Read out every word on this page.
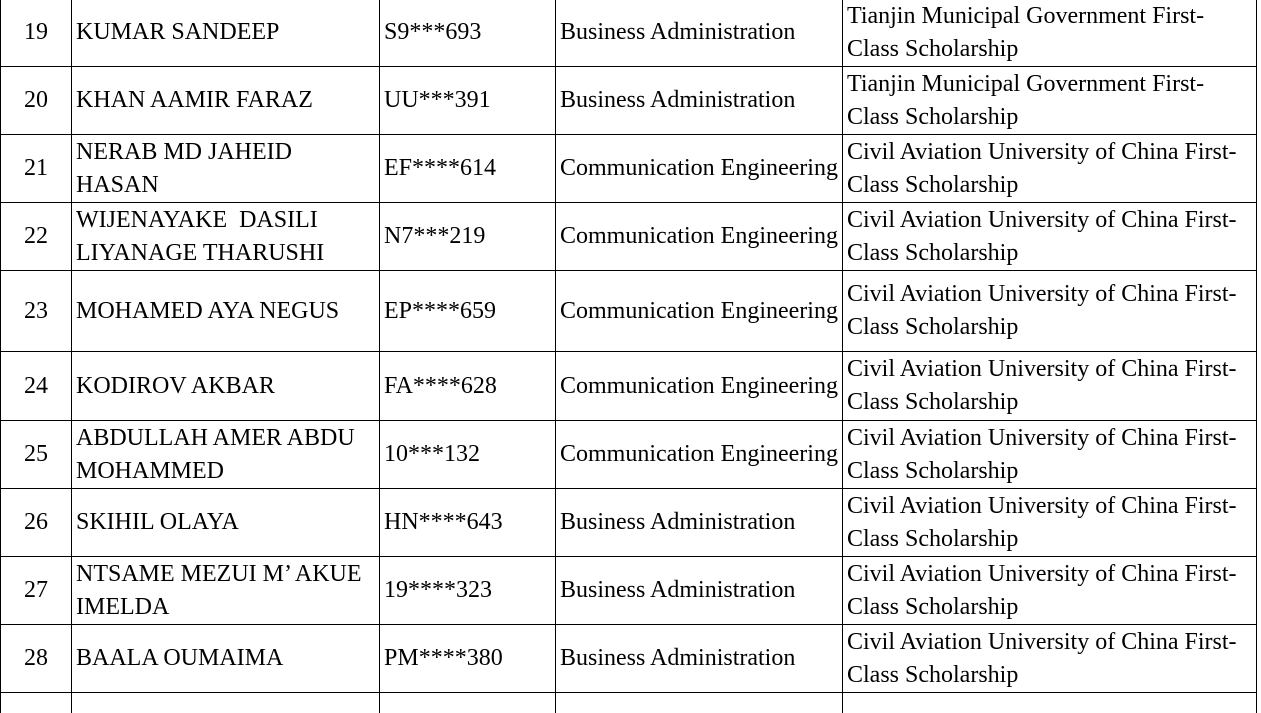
19	KUMAR SANDEEP	S9***693	Business Administration	Tianjin Municipal Government First-Class Scholarship
20	KHAN AAMIR FARAZ	UU***391	Business Administration	Tianjin Municipal Government First-Class Scholarship
21	NERAB MD JAHEID HASAN	EF****614	Communication Engineering	Civil Aviation University of China First-Class Scholarship
22	WIJENAYAKE  DASILI LIYANAGE THARUSHI	N7***219	Communication Engineering	Civil Aviation University of China First-Class Scholarship
23	MOHAMED AYA NEGUS	EP****659	Communication Engineering	Civil Aviation University of China First-Class Scholarship
24	KODIROV AKBAR	FA****628	Communication Engineering	Civil Aviation University of China First-Class Scholarship
25	ABDULLAH AMER ABDU MOHAMMED	10***132	Communication Engineering	Civil Aviation University of China First-Class Scholarship
26	SKIHIL OLAYA	HN****643	Business Administration	Civil Aviation University of China First-Class Scholarship
27	NTSAME MEZUI M’ AKUE  IMELDA	19****323	Business Administration	Civil Aviation University of China First-Class Scholarship
28	BAALA OUMAIMA	PM****380	Business Administration	Civil Aviation University of China First-Class Scholarship
